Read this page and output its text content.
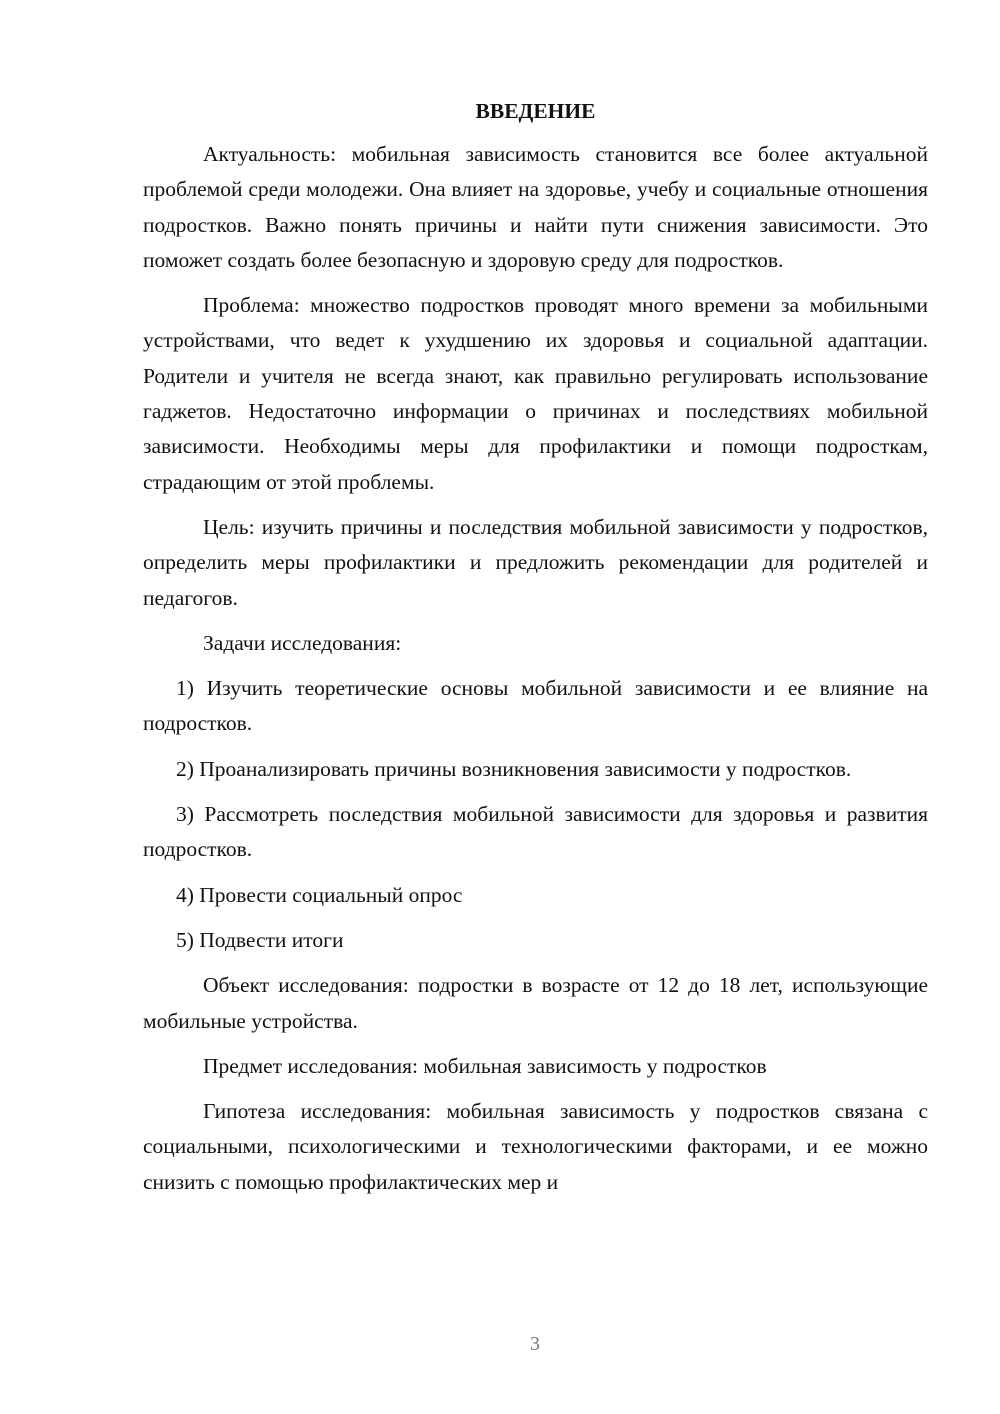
ВВЕДЕНИЕ

Актуальность: мобильная зависимость становится все более актуальной проблемой среди молодежи. Она влияет на здоровье, учебу и социальные отношения подростков. Важно понять причины и найти пути снижения зависимости. Это поможет создать более безопасную и здоровую среду для подростков.

Проблема: множество подростков проводят много времени за мобильными устройствами, что ведет к ухудшению их здоровья и социальной адаптации. Родители и учителя не всегда знают, как правильно регулировать использование гаджетов. Недостаточно информации о причинах и последствиях мобильной зависимости. Необходимы меры для профилактики и помощи подросткам, страдающим от этой проблемы.

Цель: изучить причины и последствия мобильной зависимости у подростков, определить меры профилактики и предложить рекомендации для родителей и педагогов.

Задачи исследования:

1) Изучить теоретические основы мобильной зависимости и ее влияние на подростков.

2) Проанализировать причины возникновения зависимости у подростков.

3) Рассмотреть последствия мобильной зависимости для здоровья и развития подростков.

4) Провести социальный опрос

5) Подвести итоги

Объект исследования: подростки в возрасте от 12 до 18 лет, использующие мобильные устройства.

Предмет исследования: мобильная зависимость у подростков

Гипотеза исследования: мобильная зависимость у подростков связана с социальными, психологическими и технологическими факторами, и ее можно снизить с помощью профилактических мер и

3
